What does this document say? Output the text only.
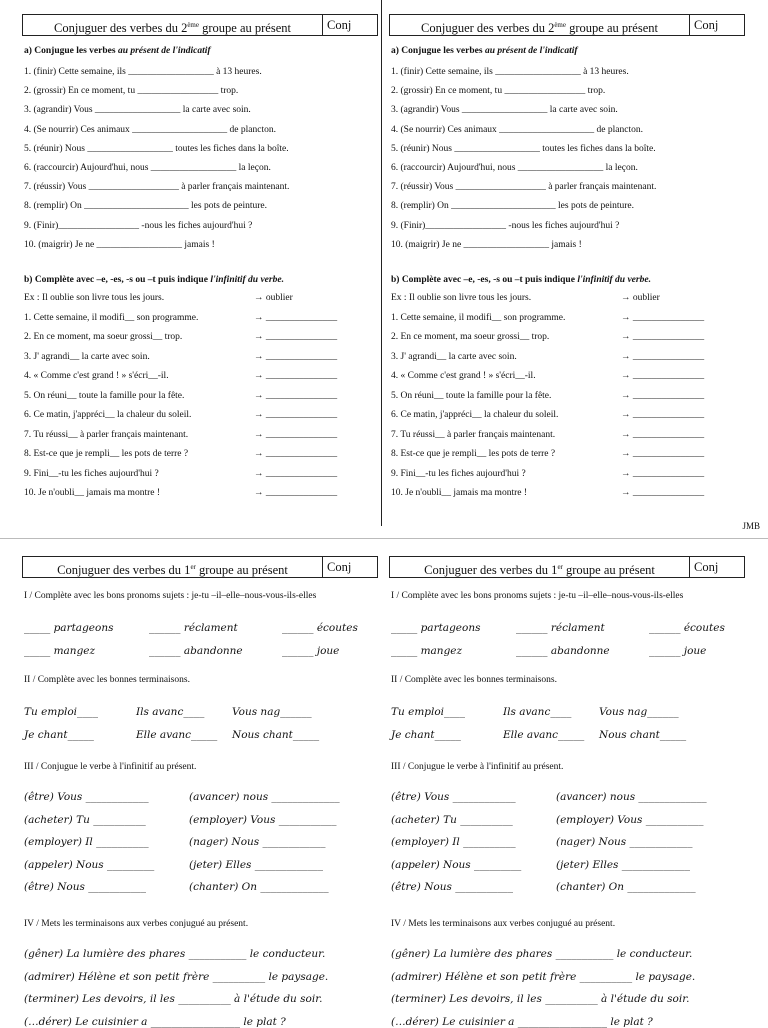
JMB
Conjuguer des verbes du 2ème groupe au présent	Conj
a) Conjugue les verbes au présent de l'indicatif
1. (finir) Cette semaine, ils __________________ à 13 heures.
2. (grossir) En ce moment, tu _________________ trop.
3. (agrandir) Vous __________________ la carte avec soin.
4. (Se nourrir) Ces animaux ____________________ de plancton.
5. (réunir) Nous __________________ toutes les fiches dans la boîte.
6. (raccourcir) Aujourd'hui, nous __________________ la leçon.
7. (réussir) Vous ___________________ à parler français maintenant.
8. (remplir) On ______________________ les pots de peinture.
9. (Finir)_________________ -nous les fiches aujourd'hui ?
10. (maigrir) Je ne __________________ jamais !
b) Complète avec –e, -es, -s ou –t puis indique l'infinitif du verbe.
Ex : Il oublie son livre tous les jours.	→ oublier
1. Cette semaine, il modifi__ son programme.	→ _______________
2. En ce moment, ma soeur grossi__ trop.	→ _______________
3. J' agrandi__ la carte avec soin.	→ _______________
4. « Comme c'est grand ! » s'écri__-il.	→ _______________
5. On réuni__ toute la famille pour la fête.	→ _______________
6. Ce matin, j'appréci__ la chaleur du soleil.	→ _______________
7. Tu réussi__ à parler français maintenant.	→ _______________
8. Est-ce que je rempli__ les pots de terre ?	→ _______________
9. Fini__-tu les fiches aujourd'hui ?	→ _______________
10. Je n'oubli__ jamais ma montre !	→ _______________
Conjuguer des verbes du 2ème groupe au présent	Conj
a) Conjugue les verbes au présent de l'indicatif
1. (finir) Cette semaine, ils __________________ à 13 heures.
2. (grossir) En ce moment, tu _________________ trop.
3. (agrandir) Vous __________________ la carte avec soin.
4. (Se nourrir) Ces animaux ____________________ de plancton.
5. (réunir) Nous __________________ toutes les fiches dans la boîte.
6. (raccourcir) Aujourd'hui, nous __________________ la leçon.
7. (réussir) Vous ___________________ à parler français maintenant.
8. (remplir) On ______________________ les pots de peinture.
9. (Finir)_________________ -nous les fiches aujourd'hui ?
10. (maigrir) Je ne __________________ jamais !
b) Complète avec –e, -es, -s ou –t puis indique l'infinitif du verbe.
Ex : Il oublie son livre tous les jours.	→ oublier
1. Cette semaine, il modifi__ son programme.	→ _______________
2. En ce moment, ma soeur grossi__ trop.	→ _______________
3. J' agrandi__ la carte avec soin.	→ _______________
4. « Comme c'est grand ! » s'écri__-il.	→ _______________
5. On réuni__ toute la famille pour la fête.	→ _______________
6. Ce matin, j'appréci__ la chaleur du soleil.	→ _______________
7. Tu réussi__ à parler français maintenant.	→ _______________
8. Est-ce que je rempli__ les pots de terre ?	→ _______________
9. Fini__-tu les fiches aujourd'hui ?	→ _______________
10. Je n'oubli__ jamais ma montre !	→ _______________
Conjuguer des verbes du 1er groupe au présent	Conj
I / Complète avec les bons pronoms sujets : je-tu –il–elle–nous-vous-ils-elles
_____ partageons	______ réclament	______ écoutes
_____ mangez	______ abandonne	______ joue
II / Complète avec les bonnes terminaisons.
Tu emploi____	Ils avanc____	Vous nag______
Je chant_____	Elle avanc_____ Nous chant_____
III / Conjugue le verbe à l'infinitif au présent.
(être) Vous ____________	(avancer) nous _____________
(acheter) Tu __________	(employer) Vous ___________
(employer) Il __________	(nager) Nous ____________
(appeler) Nous _________	(jeter) Elles _____________
(être) Nous ___________	(chanter) On _____________
IV / Mets les terminaisons aux verbes conjugué au présent.
(gêner) La lumière des phares ___________ le conducteur.
(admirer) Hélène et son petit frère __________ le paysage.
(terminer) Les devoirs, il les __________ à l'étude du soir.
(…dérer) Le cuisinier a _________________ le plat ?
Conjuguer des verbes du 1er groupe au présent	Conj
I / Complète avec les bons pronoms sujets : je-tu –il–elle–nous-vous-ils-elles
_____ partageons	______ réclament	______ écoutes
_____ mangez	______ abandonne	______ joue
II / Complète avec les bonnes terminaisons.
Tu emploi____	Ils avanc____	Vous nag______
Je chant_____	Elle avanc_____ Nous chant_____
III / Conjugue le verbe à l'infinitif au présent.
(être) Vous ____________	(avancer) nous _____________
(acheter) Tu __________	(employer) Vous ___________
(employer) Il __________	(nager) Nous ____________
(appeler) Nous _________	(jeter) Elles _____________
(être) Nous ___________	(chanter) On _____________
IV / Mets les terminaisons aux verbes conjugué au présent.
(gêner) La lumière des phares ___________ le conducteur.
(admirer) Hélène et son petit frère __________ le paysage.
(terminer) Les devoirs, il les __________ à l'étude du soir.
(…dérer) Le cuisinier a _________________ le plat ?
